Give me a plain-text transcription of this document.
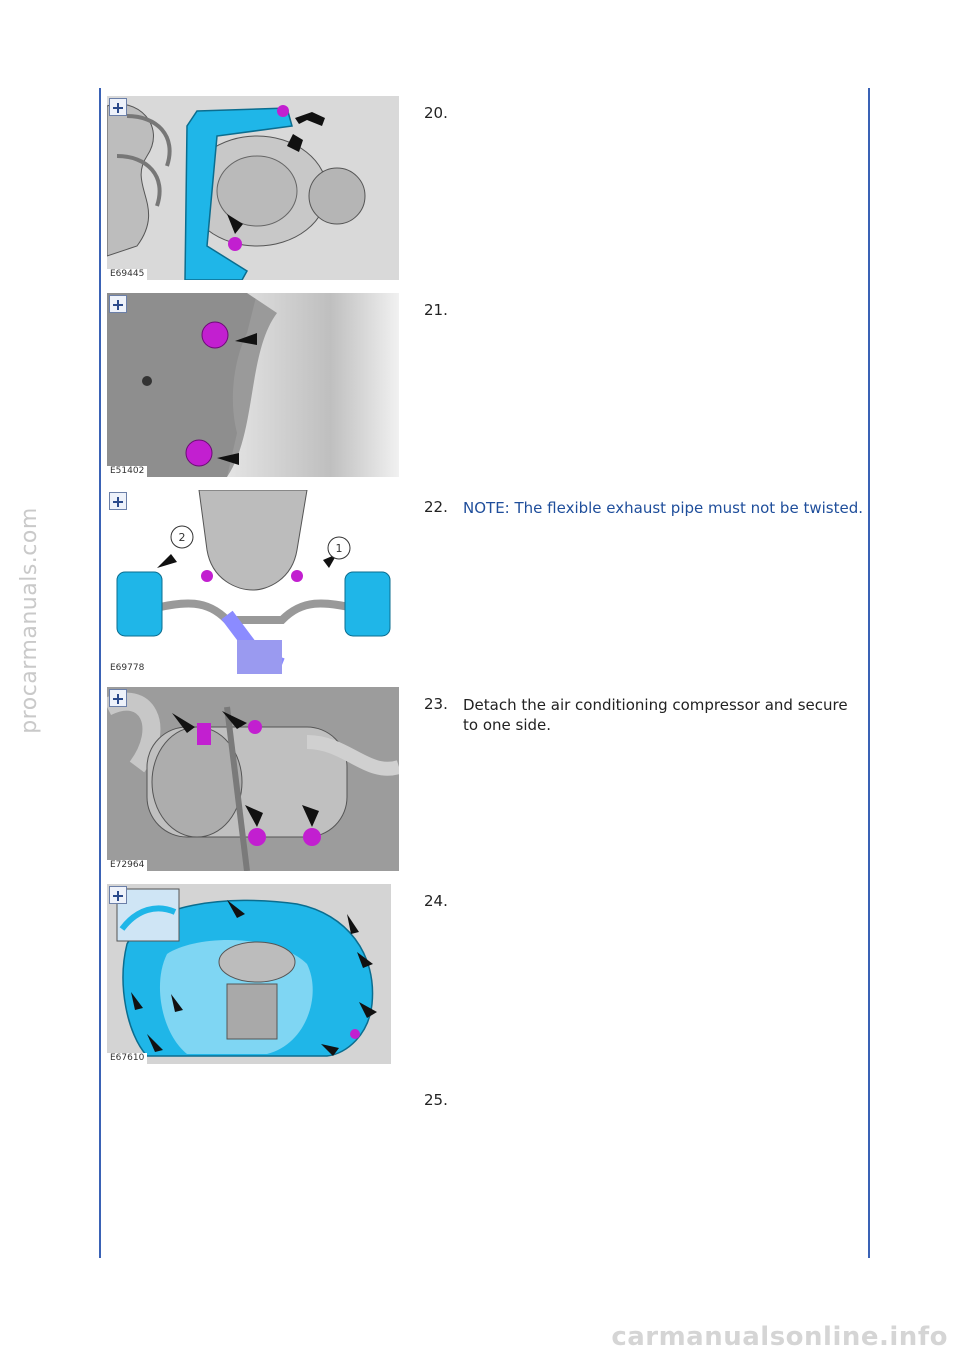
procarmanuals.com
E69445
20.
E51402
21.
2
1
E69778
22. NOTE: The flexible exhaust pipe must not be twisted.
E72964
23. Detach the air conditioning compressor and secure to one side.
E67610
24.
25.
carmanualsonline.info
